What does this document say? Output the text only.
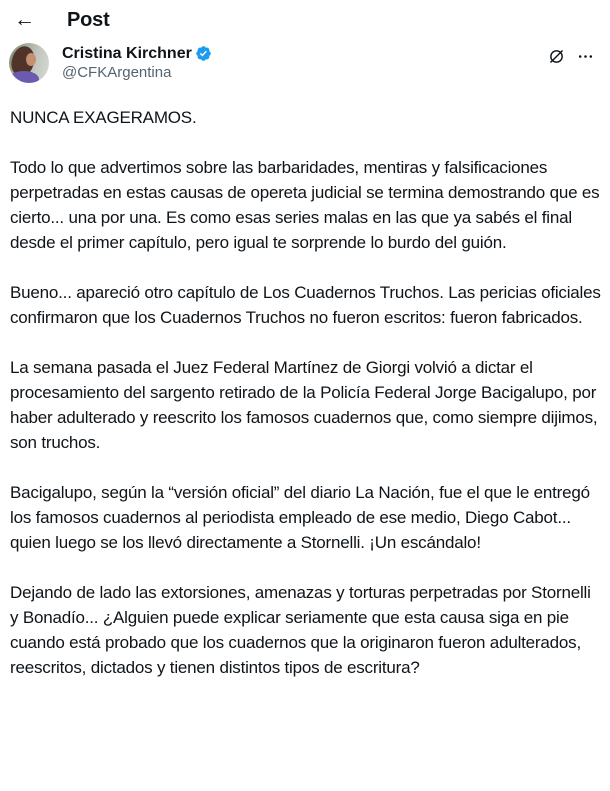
← Post
Cristina Kirchner
@CFKArgentina

NUNCA EXAGERAMOS.

Todo lo que advertimos sobre las barbaridades, mentiras y falsificaciones perpetradas en estas causas de opereta judicial se termina demostrando que es cierto... una por una. Es como esas series malas en las que ya sabés el final desde el primer capítulo, pero igual te sorprende lo burdo del guión.

Bueno... apareció otro capítulo de Los Cuadernos Truchos. Las pericias oficiales confirmaron que los Cuadernos Truchos no fueron escritos: fueron fabricados.

La semana pasada el Juez Federal Martínez de Giorgi volvió a dictar el procesamiento del sargento retirado de la Policía Federal Jorge Bacigalupo, por haber adulterado y reescrito los famosos cuadernos que, como siempre dijimos, son truchos.

Bacigalupo, según la “versión oficial” del diario La Nación, fue el que le entregó los famosos cuadernos al periodista empleado de ese medio, Diego Cabot... quien luego se los llevó directamente a Stornelli. ¡Un escándalo!

Dejando de lado las extorsiones, amenazas y torturas perpetradas por Stornelli y Bonadío... ¿Alguien puede explicar seriamente que esta causa siga en pie cuando está probado que los cuadernos que la originaron fueron adulterados, reescritos, dictados y tienen distintos tipos de escritura?
